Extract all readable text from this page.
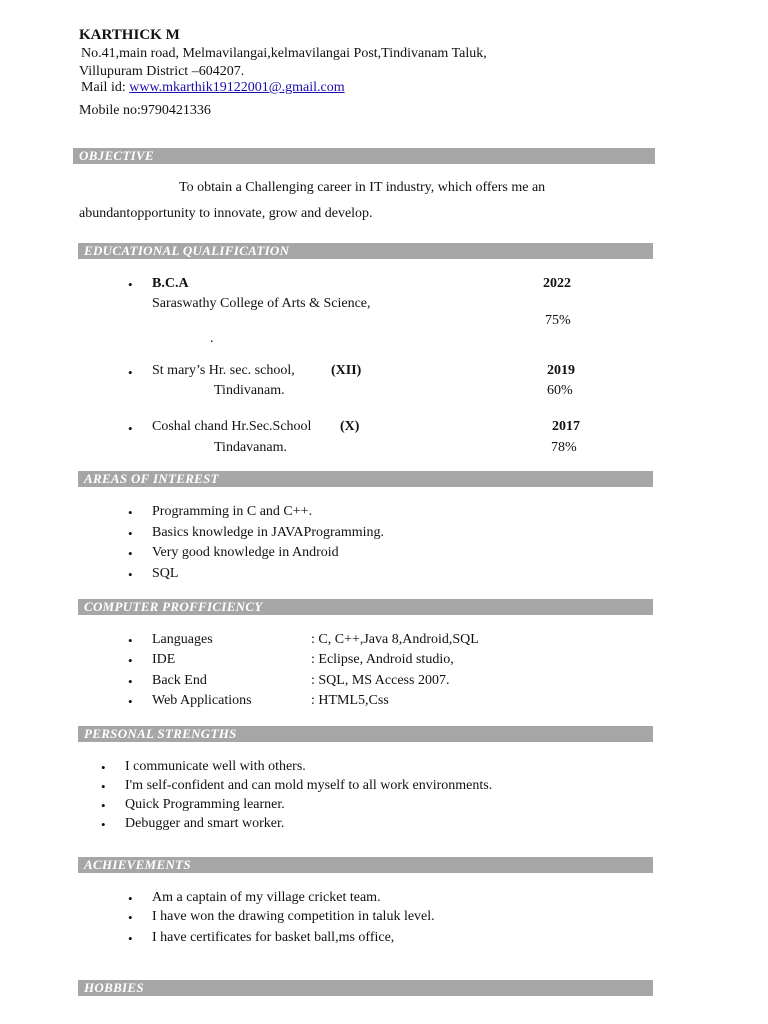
KARTHICK M
No.41,main road, Melmavilangai,kelmavilangai Post,Tindivanam Taluk,
Villupuram District –604207.
Mail id: www.mkarthik19122001@.gmail.com
Mobile no:9790421336
OBJECTIVE
To obtain a Challenging career in IT industry, which offers me an
abundantopportunity to innovate, grow and develop.
EDUCATIONAL QUALIFICATION
• B.C.A	2022
Saraswathy College of Arts & Science,
75%
.
• St mary’s Hr. sec. school,	(XII)	2019
Tindivanam.	60%
• Coshal chand Hr.Sec.School (X)	2017
Tindavanam.	78%
AREAS OF INTEREST
• Programming in C and C++.
• Basics knowledge in JAVAProgramming.
• Very good knowledge in Android
• SQL
COMPUTER PROFFICIENCY
• Languages	: C, C++,Java 8,Android,SQL
• IDE	: Eclipse, Android studio,
• Back End	: SQL, MS Access 2007.
• Web Applications	: HTML5,Css
PERSONAL STRENGTHS
• I communicate well with others.
• I'm self-confident and can mold myself to all work environments.
• Quick Programming learner.
• Debugger and smart worker.
ACHIEVEMENTS
• Am a captain of my village cricket team.
• I have won the drawing competition in taluk level.
• I have certificates for basket ball,ms office,
HOBBIES
